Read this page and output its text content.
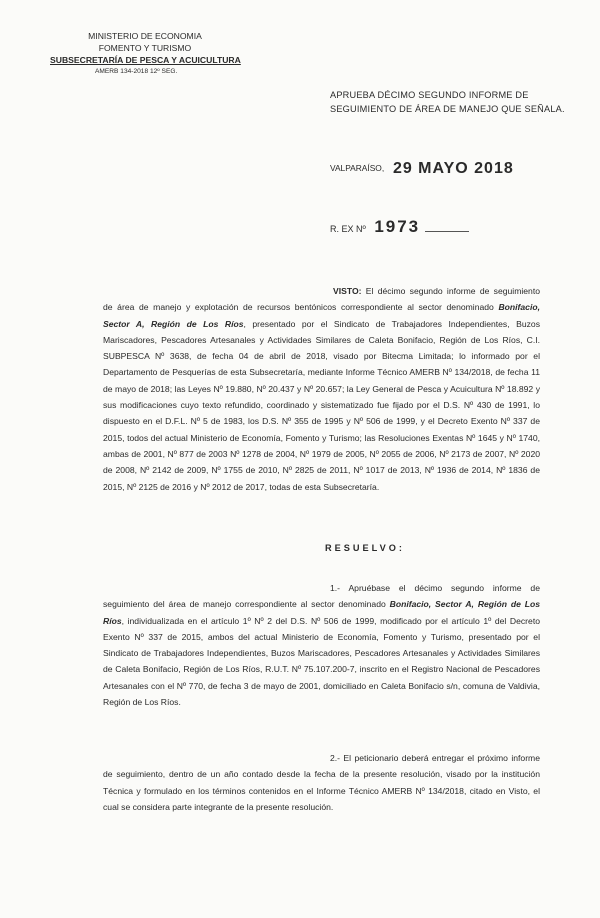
MINISTERIO DE ECONOMIA
FOMENTO Y TURISMO
SUBSECRETARÍA DE PESCA Y ACUICULTURA
AMERB 134-2018 12º SEG.
APRUEBA DÉCIMO SEGUNDO INFORME DE
SEGUIMIENTO DE ÁREA DE MANEJO QUE SEÑALA.
$^{VALPARAÍSO,}$ 29 MAYO 2018
R. EX Nº 1973
VISTO: El décimo segundo informe de seguimiento de área de manejo y explotación de recursos bentónicos correspondiente al sector denominado Bonifacio, Sector A, Región de Los Ríos, presentado por el Sindicato de Trabajadores Independientes, Buzos Mariscadores, Pescadores Artesanales y Actividades Similares de Caleta Bonifacio, Región de Los Ríos, C.I. SUBPESCA Nº 3638, de fecha 04 de abril de 2018, visado por Bitecma Limitada; lo informado por el Departamento de Pesquerías de esta Subsecretaría, mediante Informe Técnico AMERB Nº 134/2018, de fecha 11 de mayo de 2018; las Leyes Nº 19.880, Nº 20.437 y Nº 20.657; la Ley General de Pesca y Acuicultura Nº 18.892 y sus modificaciones cuyo texto refundido, coordinado y sistematizado fue fijado por el D.S. Nº 430 de 1991, lo dispuesto en el D.F.L. Nº 5 de 1983, los D.S. Nº 355 de 1995 y Nº 506 de 1999, y el Decreto Exento Nº 337 de 2015, todos del actual Ministerio de Economía, Fomento y Turismo; las Resoluciones Exentas Nº 1645 y Nº 1740, ambas de 2001, Nº 877 de 2003 Nº 1278 de 2004, Nº 1979 de 2005, Nº 2055 de 2006, Nº 2173 de 2007, Nº 2020 de 2008, Nº 2142 de 2009, Nº 1755 de 2010, Nº 2825 de 2011, Nº 1017 de 2013, Nº 1936 de 2014, Nº 1836 de 2015, Nº 2125 de 2016 y Nº 2012 de 2017, todas de esta Subsecretaría.
RESUELVO:
1.- Apruébase el décimo segundo informe de seguimiento del área de manejo correspondiente al sector denominado Bonifacio, Sector A, Región de Los Ríos, individualizada en el artículo 1º Nº 2 del D.S. Nº 506 de 1999, modificado por el artículo 1º del Decreto Exento Nº 337 de 2015, ambos del actual Ministerio de Economía, Fomento y Turismo, presentado por el Sindicato de Trabajadores Independientes, Buzos Mariscadores, Pescadores Artesanales y Actividades Similares de Caleta Bonifacio, Región de Los Ríos, R.U.T. Nº 75.107.200-7, inscrito en el Registro Nacional de Pescadores Artesanales con el Nº 770, de fecha 3 de mayo de 2001, domiciliado en Caleta Bonifacio s/n, comuna de Valdivia, Región de Los Ríos.
2.- El peticionario deberá entregar el próximo informe de seguimiento, dentro de un año contado desde la fecha de la presente resolución, visado por la institución Técnica y formulado en los términos contenidos en el Informe Técnico AMERB Nº 134/2018, citado en Visto, el cual se considera parte integrante de la presente resolución.
